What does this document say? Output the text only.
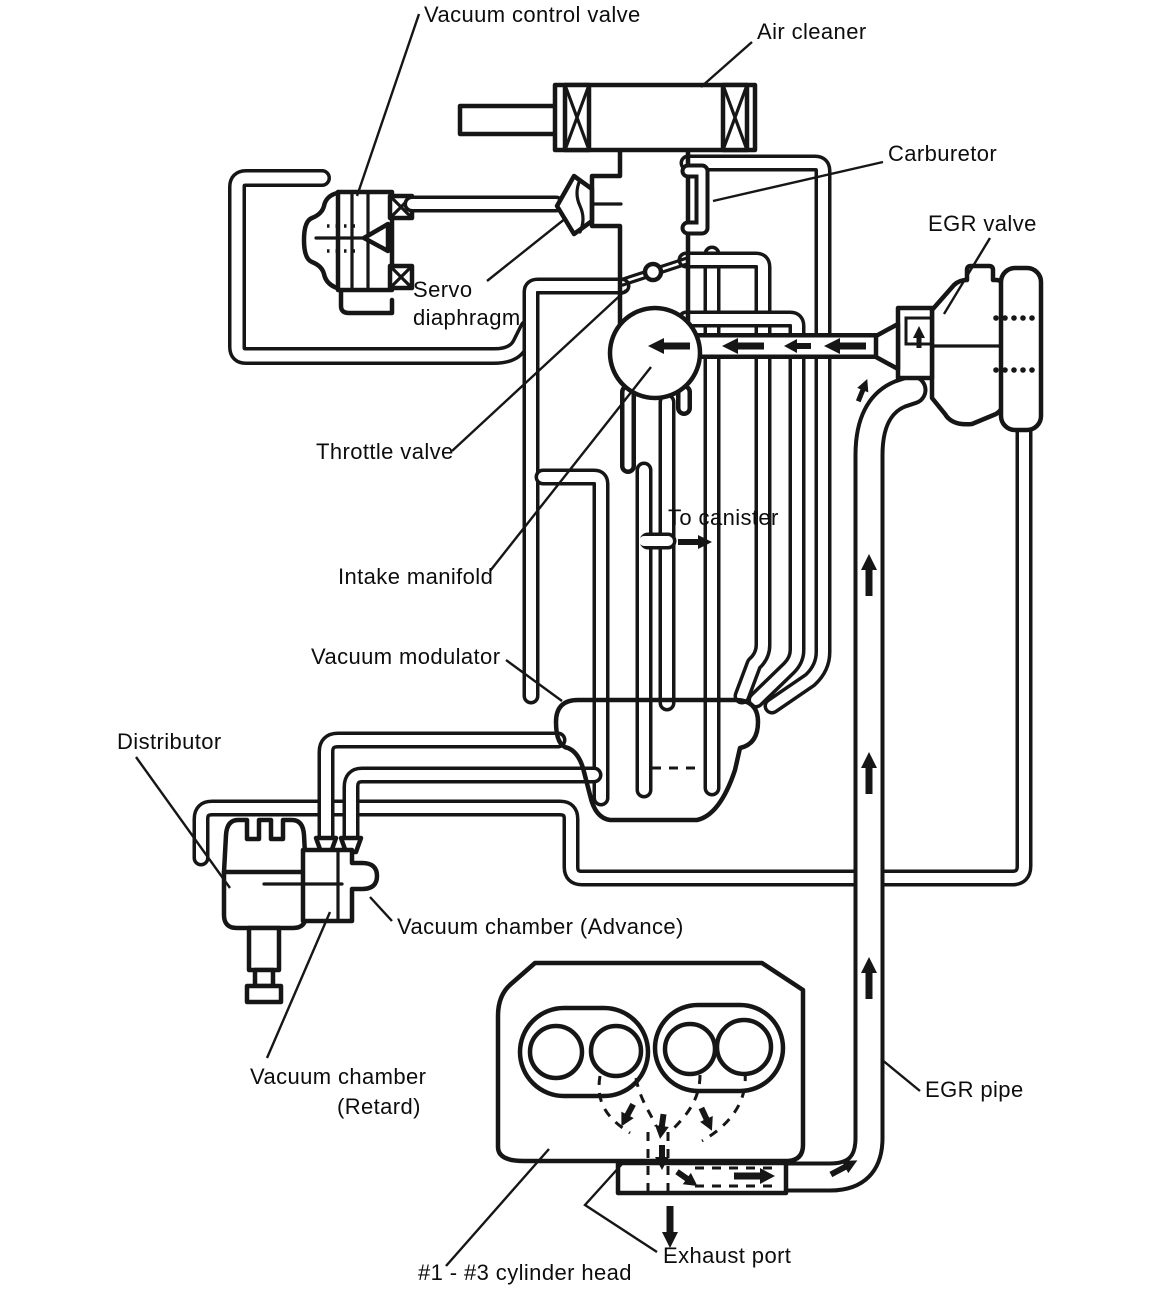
Vacuum control valve
Air cleaner
Carburetor
EGR valve
Servo
diaphragm
Throttle valve
To canister
Intake manifold
Vacuum modulator
Distributor
Vacuum chamber (Advance)
Vacuum chamber
(Retard)
EGR pipe
Exhaust port
#1 - #3 cylinder head
